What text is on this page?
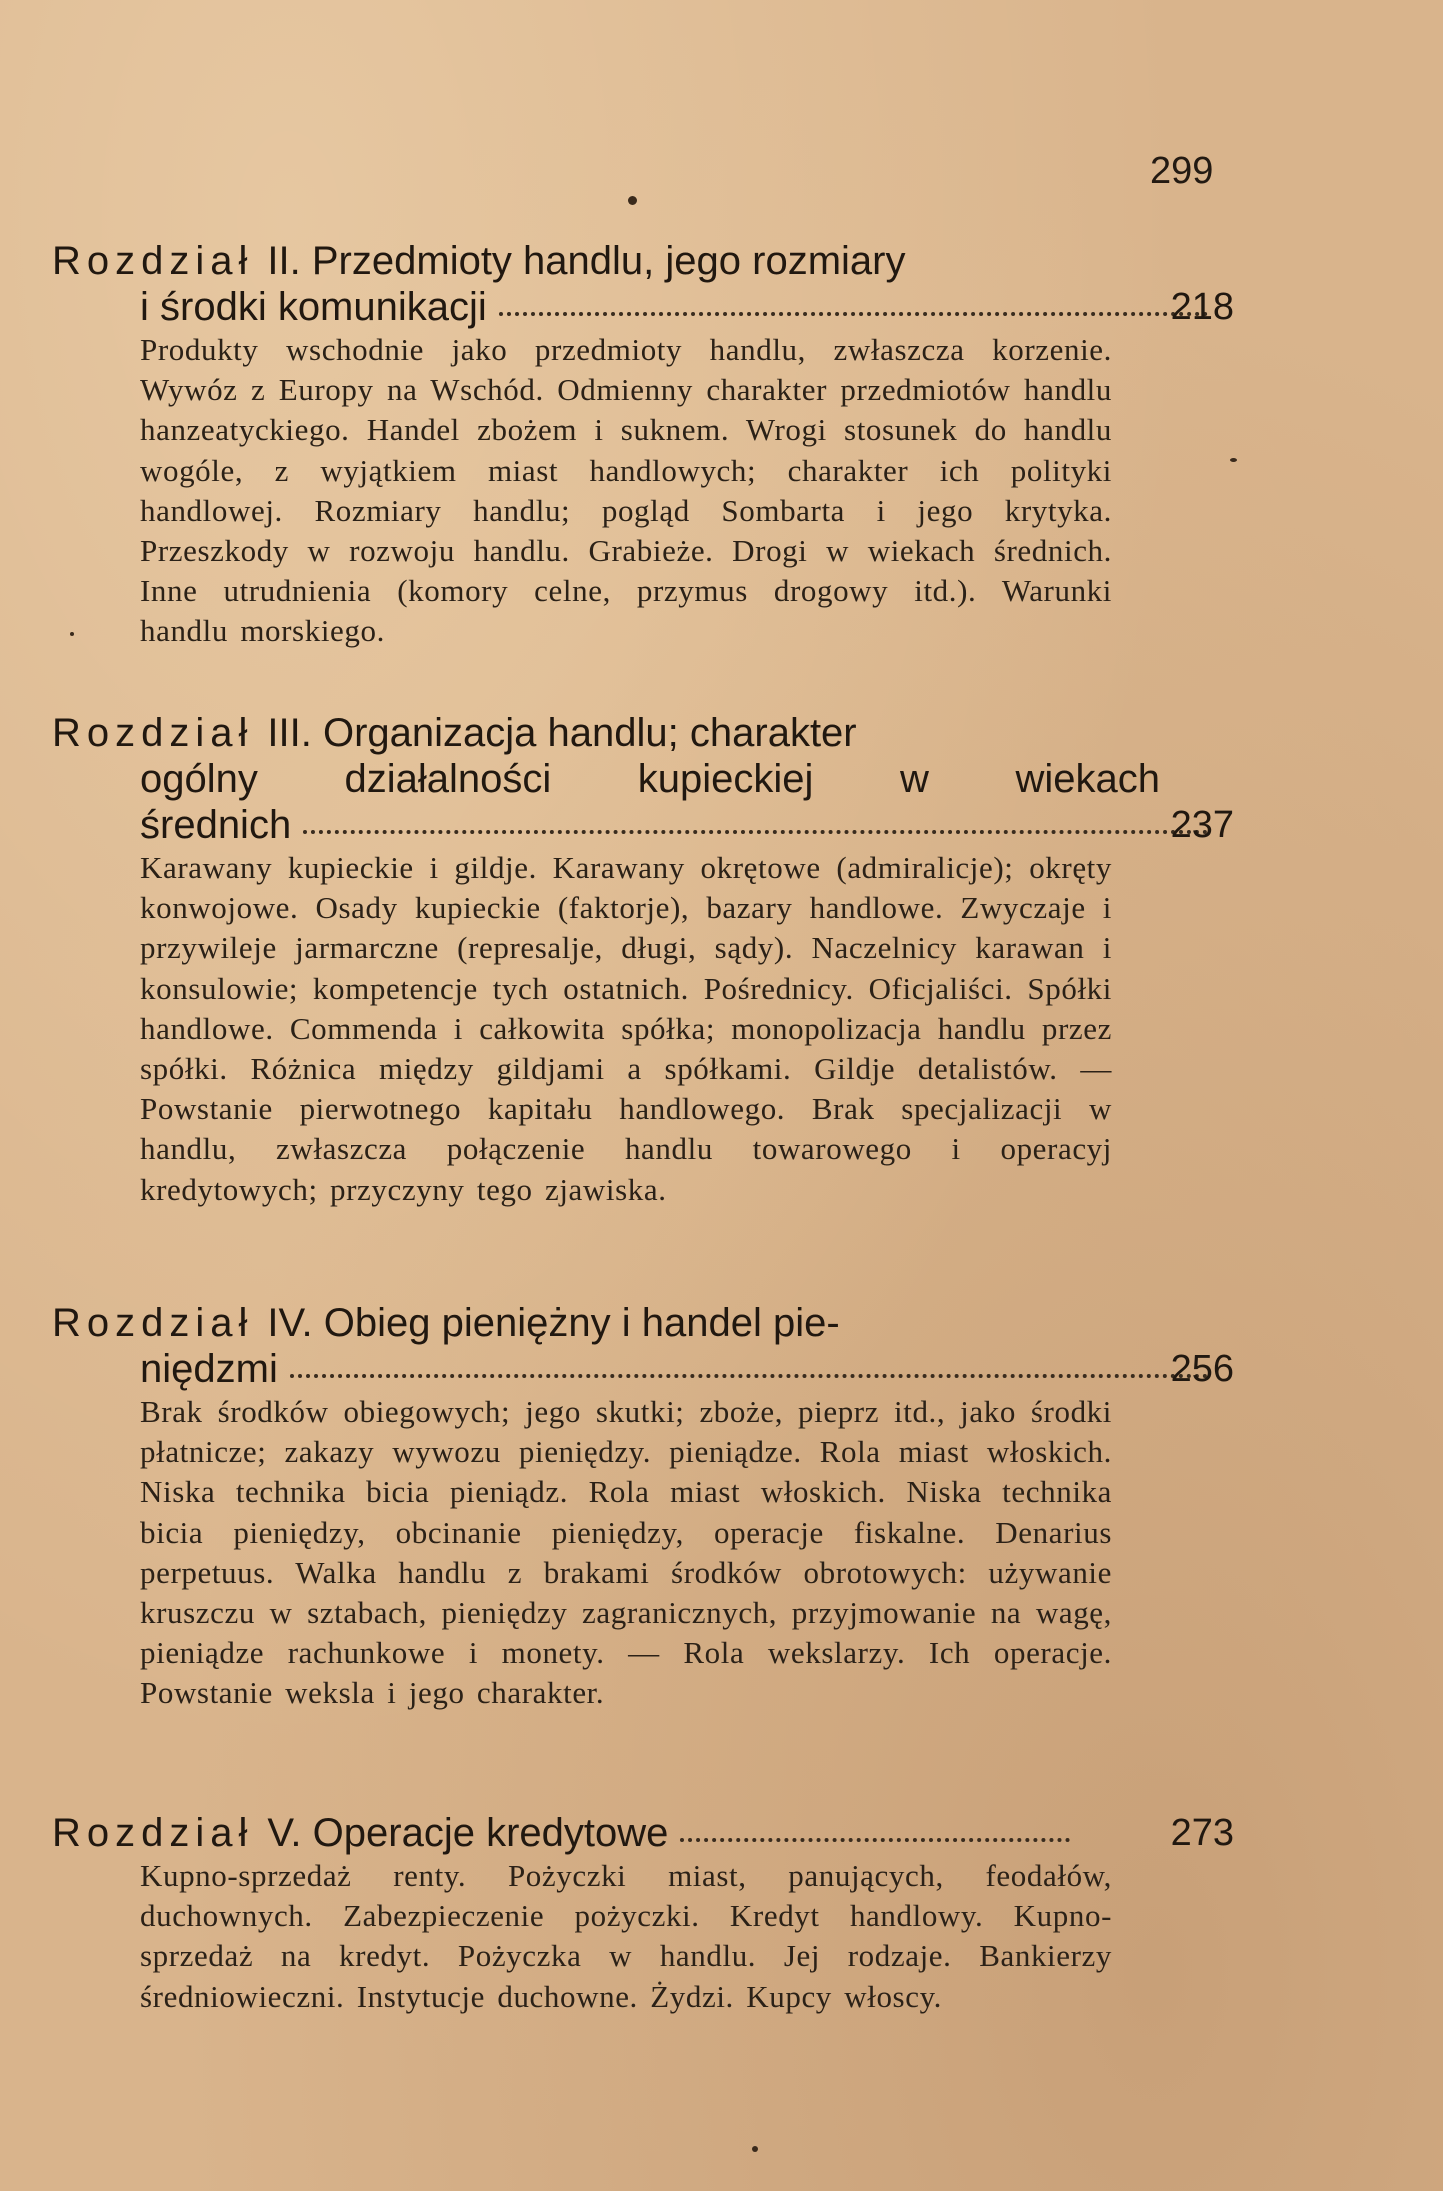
299
Rozdział II. Przedmioty handlu, jego rozmiary
i środki komunikacji	218
Produkty wschodnie jako przedmioty handlu, zwłaszcza korzenie. Wywóz z Europy na Wschód. Odmienny charakter przedmiotów handlu hanzeatyckiego. Handel zbożem i suknem. Wrogi stosunek do handlu wogóle, z wyjątkiem miast handlowych; charakter ich polityki handlowej. Rozmiary handlu; pogląd Sombarta i jego krytyka. Przeszkody w rozwoju handlu. Grabieże. Drogi w wiekach średnich. Inne utrudnienia (komory celne, przymus drogowy itd.). Warunki handlu morskiego.
Rozdział III. Organizacja handlu; charakter
ogólny działalności kupieckiej w wiekach
średnich	237
Karawany kupieckie i gildje. Karawany okrętowe (admiralicje); okręty konwojowe. Osady kupieckie (faktorje), bazary handlowe. Zwyczaje i przywileje jarmarczne (represalje, długi, sądy). Naczelnicy karawan i konsulowie; kompetencje tych ostatnich. Pośrednicy. Oficjaliści. Spółki handlowe. Commenda i całkowita spółka; monopolizacja handlu przez spółki. Różnica między gildjami a spółkami. Gildje detalistów. — Powstanie pierwotnego kapitału handlowego. Brak specjalizacji w handlu, zwłaszcza połączenie handlu towarowego i operacyj kredytowych; przyczyny tego zjawiska.
Rozdział IV. Obieg pieniężny i handel pie-
niędzmi	256
Brak środków obiegowych; jego skutki; zboże, pieprz itd., jako środki płatnicze; zakazy wywozu pieniędzy. pieniądze. Rola miast włoskich. Niska technika bicia pieniądz. Rola miast włoskich. Niska technika bicia pieniędzy, obcinanie pieniędzy, operacje fiskalne. Denarius perpetuus. Walka handlu z brakami środków obrotowych: używanie kruszczu w sztabach, pieniędzy zagranicznych, przyjmowanie na wagę, pieniądze rachunkowe i monety. — Rola wekslarzy. Ich operacje. Powstanie weksla i jego charakter.
Rozdział V. Operacje kredytowe	273
Kupno-sprzedaż renty. Pożyczki miast, panujących, feodałów, duchownych. Zabezpieczenie pożyczki. Kredyt handlowy. Kupno-sprzedaż na kredyt. Pożyczka w handlu. Jej rodzaje. Bankierzy średniowieczni. Instytucje duchowne. Żydzi. Kupcy włoscy.
